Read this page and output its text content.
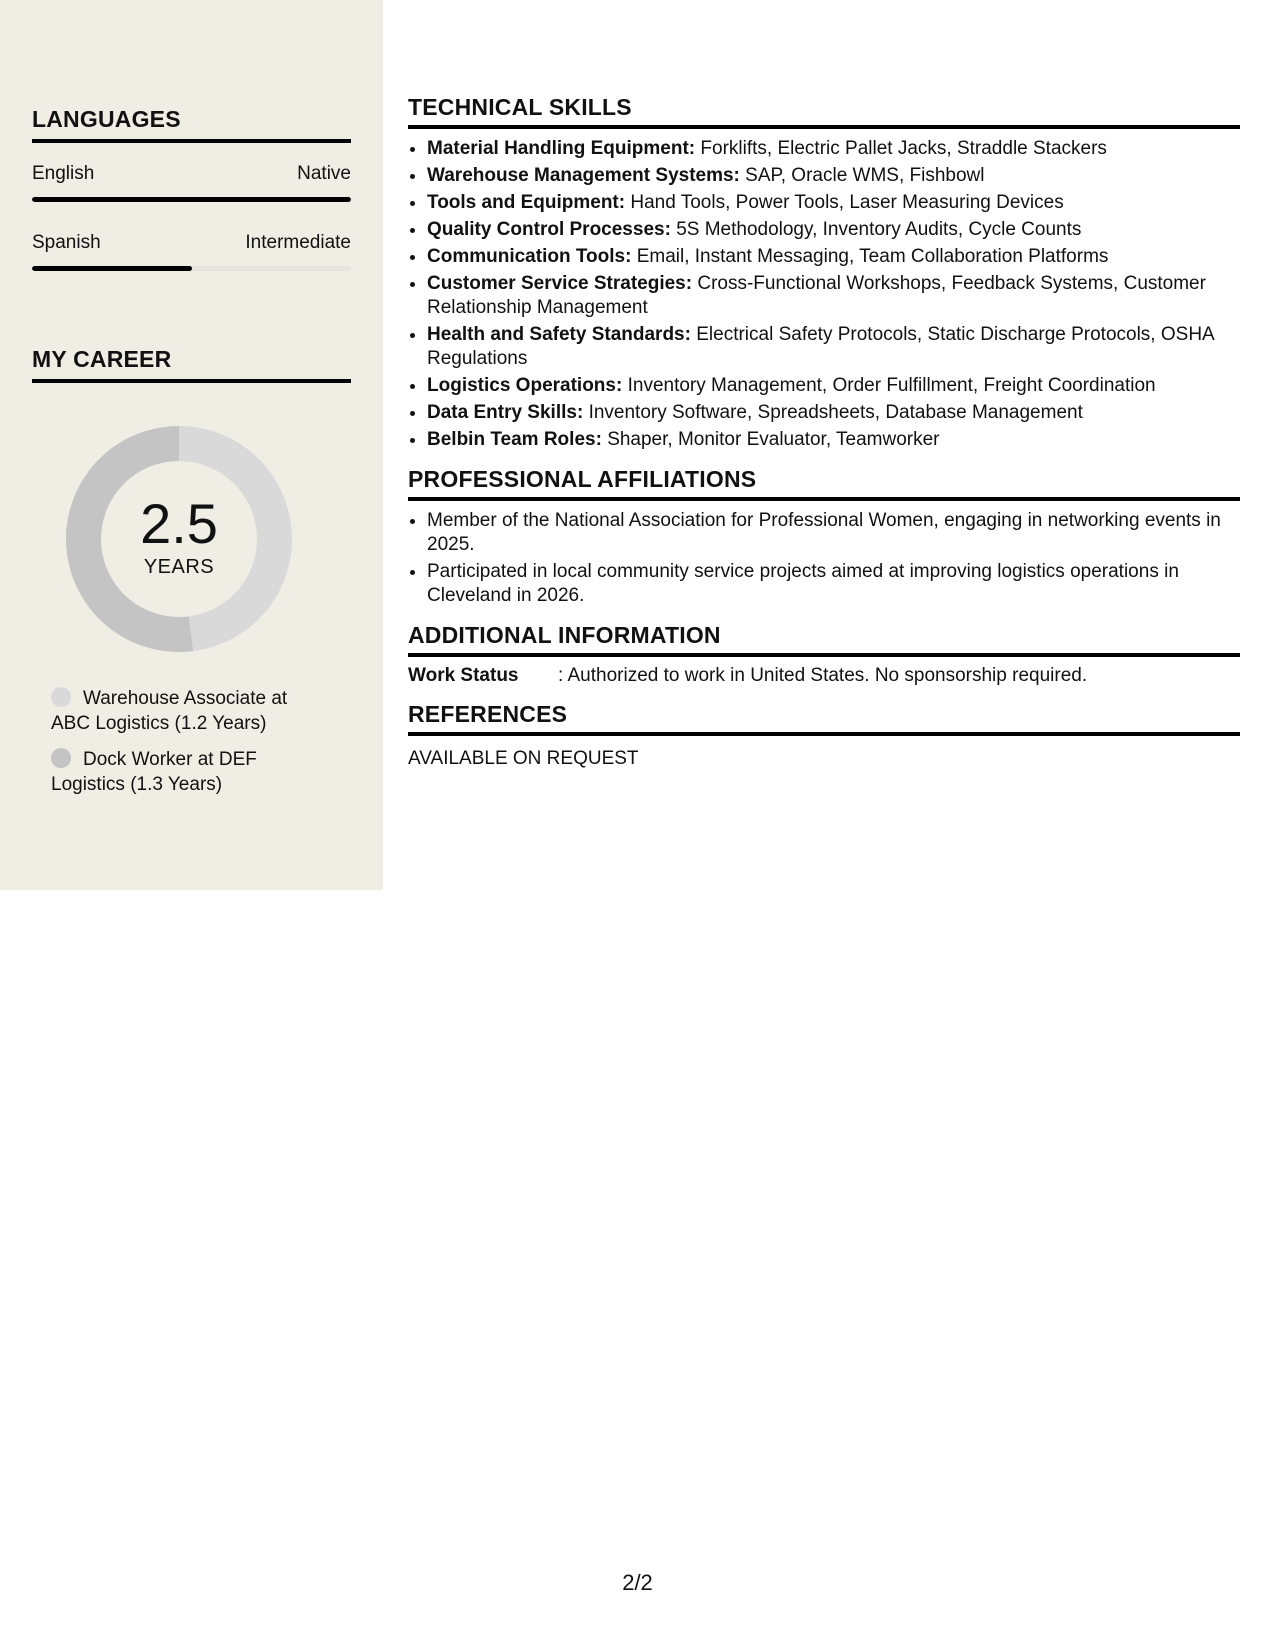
LANGUAGES
English	Native
Spanish	Intermediate
MY CAREER
2.5
YEARS
Warehouse Associate at ABC Logistics (1.2 Years)
Dock Worker at DEF Logistics (1.3 Years)
TECHNICAL SKILLS
• Material Handling Equipment: Forklifts, Electric Pallet Jacks, Straddle Stackers
• Warehouse Management Systems: SAP, Oracle WMS, Fishbowl
• Tools and Equipment: Hand Tools, Power Tools, Laser Measuring Devices
• Quality Control Processes: 5S Methodology, Inventory Audits, Cycle Counts
• Communication Tools: Email, Instant Messaging, Team Collaboration Platforms
• Customer Service Strategies: Cross-Functional Workshops, Feedback Systems, Customer Relationship Management
• Health and Safety Standards: Electrical Safety Protocols, Static Discharge Protocols, OSHA Regulations
• Logistics Operations: Inventory Management, Order Fulfillment, Freight Coordination
• Data Entry Skills: Inventory Software, Spreadsheets, Database Management
• Belbin Team Roles: Shaper, Monitor Evaluator, Teamworker
PROFESSIONAL AFFILIATIONS
• Member of the National Association for Professional Women, engaging in networking events in 2025.
• Participated in local community service projects aimed at improving logistics operations in Cleveland in 2026.
ADDITIONAL INFORMATION
Work Status	: Authorized to work in United States. No sponsorship required.
REFERENCES
AVAILABLE ON REQUEST
2/2
